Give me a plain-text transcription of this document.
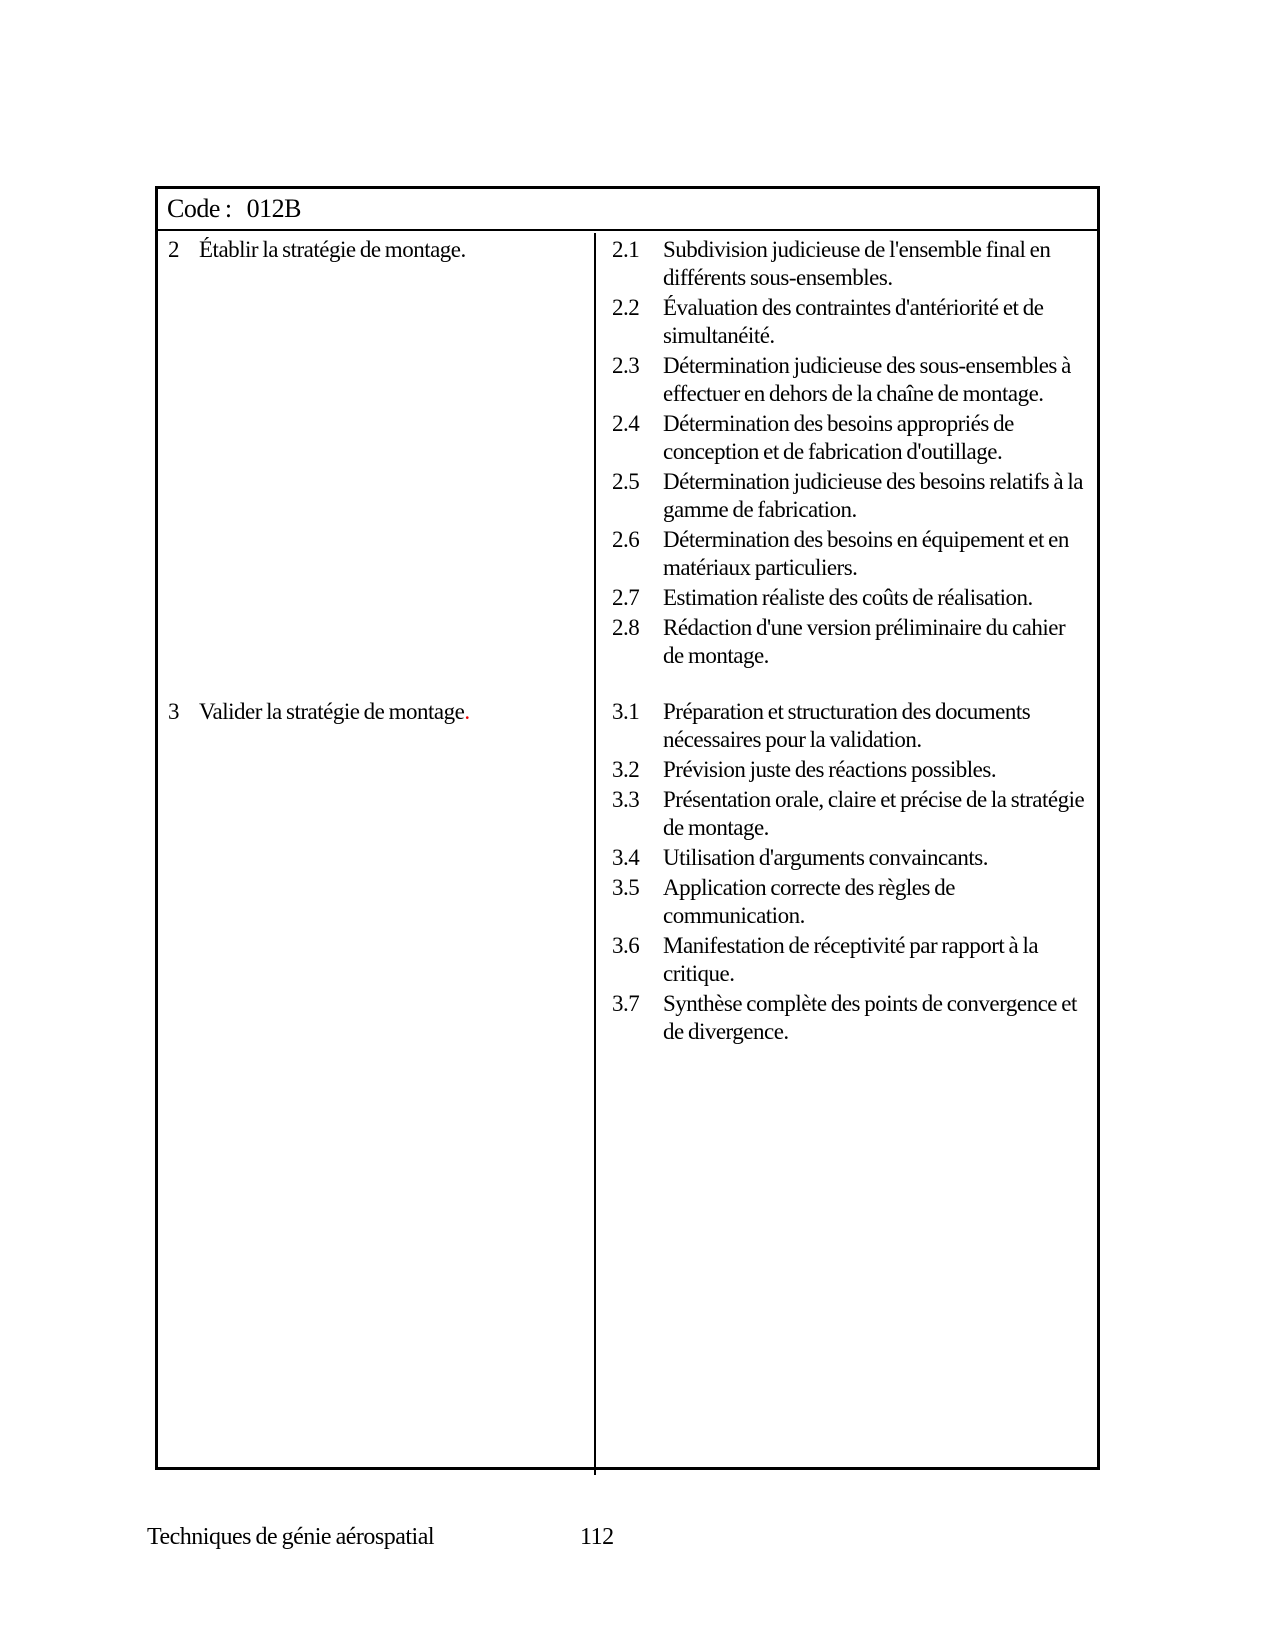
Code : 012B
2 Établir la stratégie de montage.	2.1	Subdivision judicieuse de l'ensemble final en différents sous-ensembles.
2.2	Évaluation des contraintes d'antériorité et de simultanéité.
2.3	Détermination judicieuse des sous-ensembles à effectuer en dehors de la chaîne de montage.
2.4	Détermination des besoins appropriés de conception et de fabrication d'outillage.
2.5	Détermination judicieuse des besoins relatifs à la gamme de fabrication.
2.6	Détermination des besoins en équipement et en matériaux particuliers.
2.7	Estimation réaliste des coûts de réalisation.
2.8	Rédaction d'une version préliminaire du cahier de montage.
3 Valider la stratégie de montage.	3.1	Préparation et structuration des documents nécessaires pour la validation.
3.2	Prévision juste des réactions possibles.
3.3	Présentation orale, claire et précise de la stratégie de montage.
3.4	Utilisation d'arguments convaincants.
3.5	Application correcte des règles de communication.
3.6	Manifestation de réceptivité par rapport à la critique.
3.7	Synthèse complète des points de convergence et de divergence.
Techniques de génie aérospatial	112
